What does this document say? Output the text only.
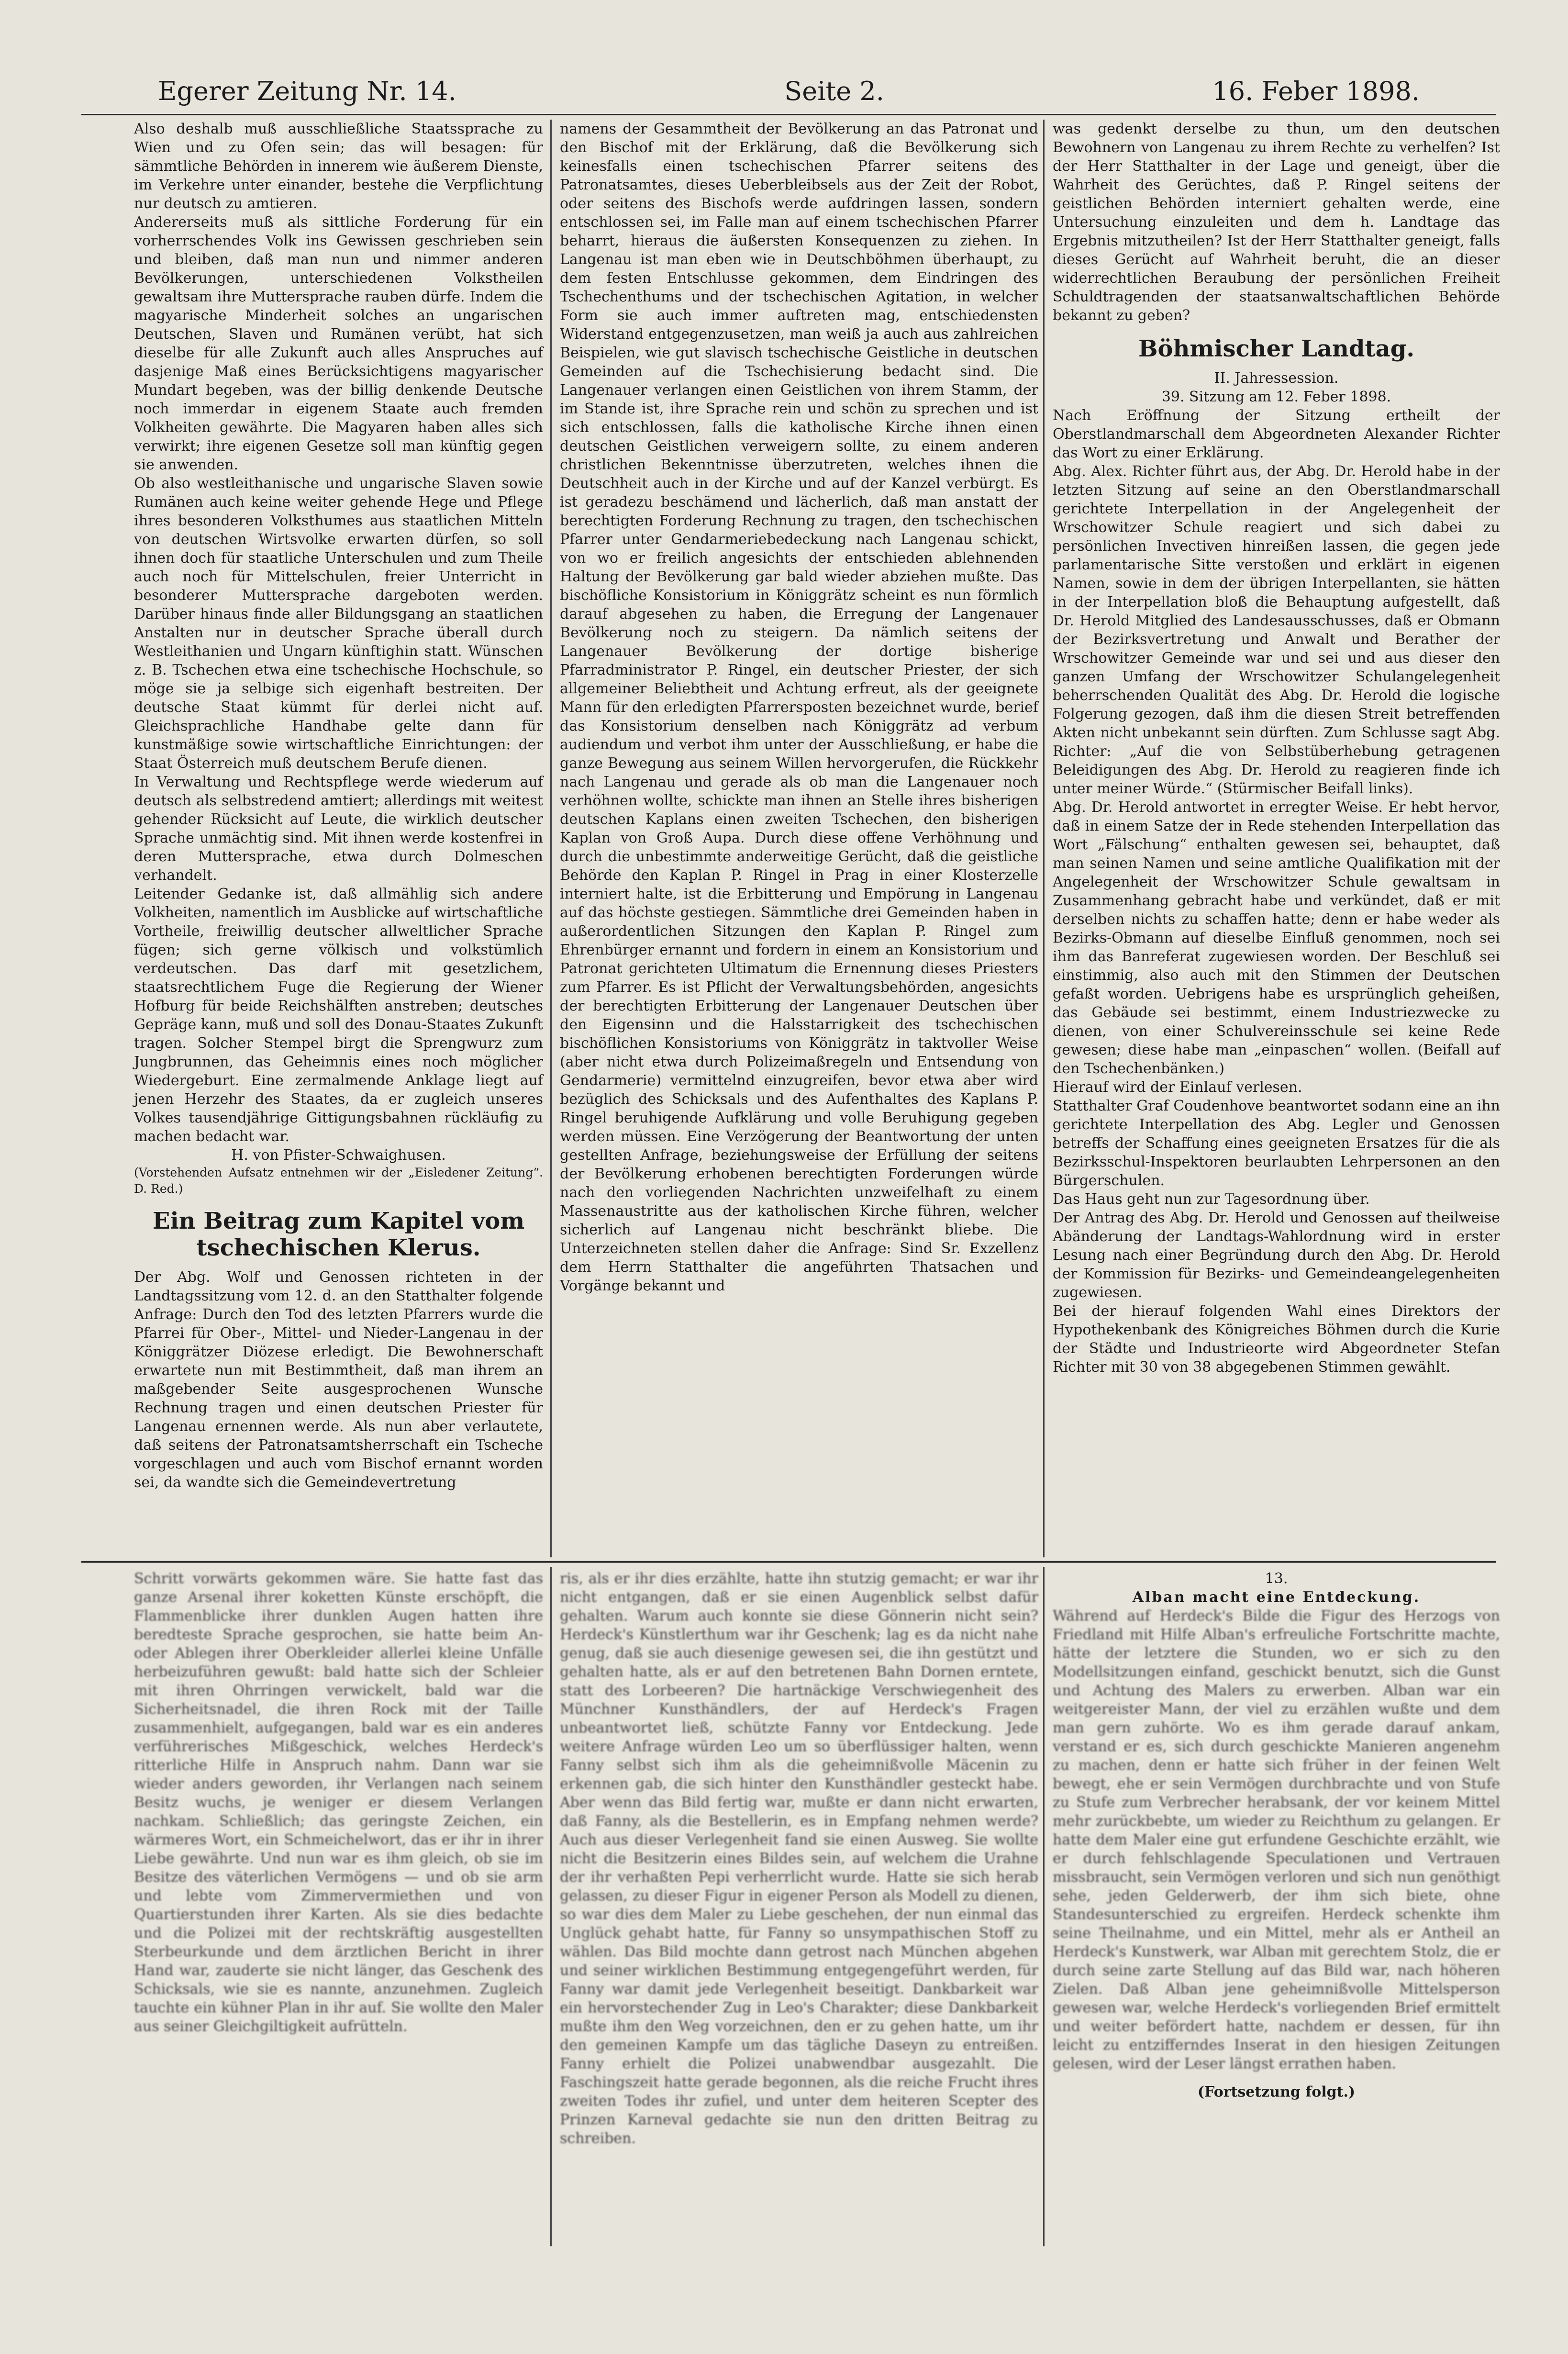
Egerer Zeitung Nr. 14.	Seite 2.	16. Feber 1898.

Also deshalb muß ausschließliche Staatssprache zu Wien und zu Ofen sein; das will besagen: für sämmtliche Behörden in innerem wie äußerem Dienste, im Verkehre unter einander, bestehe die Verpflichtung nur deutsch zu amtieren.

Andererseits muß als sittliche Forderung für ein vorherrschendes Volk ins Gewissen geschrieben sein und bleiben, daß man nun und nimmer anderen Bevölkerungen, unterschiedenen Volkstheilen gewaltsam ihre Muttersprache rauben dürfe. Indem die magyarische Minderheit solches an ungarischen Deutschen, Slaven und Rumänen verübt, hat sich dieselbe für alle Zukunft auch alles Anspruches auf dasjenige Maß eines Berücksichtigens magyarischer Mundart begeben, was der billig denkende Deutsche noch immerdar in eigenem Staate auch fremden Volkheiten gewährte. Die Magyaren haben alles sich verwirkt; ihre eigenen Gesetze soll man künftig gegen sie anwenden.

Ob also westleithanische und ungarische Slaven sowie Rumänen auch keine weiter gehende Hege und Pflege ihres besonderen Volksthumes aus staatlichen Mitteln von deutschen Wirtsvolke erwarten dürfen, so soll ihnen doch für staatliche Unterschulen und zum Theile auch noch für Mittelschulen, freier Unterricht in besonderer Muttersprache dargeboten werden. Darüber hinaus finde aller Bildungsgang an staatlichen Anstalten nur in deutscher Sprache überall durch Westleithanien und Ungarn künftighin statt. Wünschen z. B. Tschechen etwa eine tschechische Hochschule, so möge sie ja selbige sich eigenhaft bestreiten. Der deutsche Staat kümmt für derlei nicht auf. Gleichsprachliche Handhabe gelte dann für kunstmäßige sowie wirtschaftliche Einrichtungen: der Staat Österreich muß deutschem Berufe dienen.

In Verwaltung und Rechtspflege werde wiederum auf deutsch als selbstredend amtiert; allerdings mit weitest gehender Rücksicht auf Leute, die wirklich deutscher Sprache unmächtig sind. Mit ihnen werde kostenfrei in deren Muttersprache, etwa durch Dolmeschen verhandelt.

Leitender Gedanke ist, daß allmählig sich andere Volkheiten, namentlich im Ausblicke auf wirtschaftliche Vortheile, freiwillig deutscher allweltlicher Sprache fügen; sich gerne völkisch und volkstümlich verdeutschen. Das darf mit gesetzlichem, staatsrechtlichem Fuge die Regierung der Wiener Hofburg für beide Reichshälften anstreben; deutsches Gepräge kann, muß und soll des Donau-Staates Zukunft tragen. Solcher Stempel birgt die Sprengwurz zum Jungbrunnen, das Geheimnis eines noch möglicher Wiedergeburt. Eine zermalmende Anklage liegt auf jenen Herzehr des Staates, da er zugleich unseres Volkes tausendjährige Gittigungsbahnen rückläufig zu machen bedacht war.

H. von Pfister-Schwaighusen.

(Vorstehenden Aufsatz entnehmen wir der „Eisledener Zeitung“. D. Red.)

Ein Beitrag zum Kapitel vom tschechischen Klerus.

Der Abg. Wolf und Genossen richteten in der Landtagssitzung vom 12. d. an den Statthalter folgende Anfrage: Durch den Tod des letzten Pfarrers wurde die Pfarrei für Ober-, Mittel- und Nieder-Langenau in der Königgrätzer Diözese erledigt. Die Bewohnerschaft erwartete nun mit Bestimmtheit, daß man ihrem an maßgebender Seite ausgesprochenen Wunsche Rechnung tragen und einen deutschen Priester für Langenau ernennen werde. Als nun aber verlautete, daß seitens der Patronatsamtsherrschaft ein Tscheche vorgeschlagen und auch vom Bischof ernannt worden sei, da wandte sich die Gemeindevertretung

namens der Gesammtheit der Bevölkerung an das Patronat und den Bischof mit der Erklärung, daß die Bevölkerung sich keinesfalls einen tschechischen Pfarrer seitens des Patronatsamtes, dieses Ueberbleibsels aus der Zeit der Robot, oder seitens des Bischofs werde aufdringen lassen, sondern entschlossen sei, im Falle man auf einem tschechischen Pfarrer beharrt, hieraus die äußersten Konsequenzen zu ziehen. In Langenau ist man eben wie in Deutschböhmen überhaupt, zu dem festen Entschlusse gekommen, dem Eindringen des Tschechenthums und der tschechischen Agitation, in welcher Form sie auch immer auftreten mag, entschiedensten Widerstand entgegenzusetzen, man weiß ja auch aus zahlreichen Beispielen, wie gut slavisch tschechische Geistliche in deutschen Gemeinden auf die Tschechisierung bedacht sind. Die Langenauer verlangen einen Geistlichen von ihrem Stamm, der im Stande ist, ihre Sprache rein und schön zu sprechen und ist sich entschlossen, falls die katholische Kirche ihnen einen deutschen Geistlichen verweigern sollte, zu einem anderen christlichen Bekenntnisse überzutreten, welches ihnen die Deutschheit auch in der Kirche und auf der Kanzel verbürgt. Es ist geradezu beschämend und lächerlich, daß man anstatt der berechtigten Forderung Rechnung zu tragen, den tschechischen Pfarrer unter Gendarmeriebedeckung nach Langenau schickt, von wo er freilich angesichts der entschieden ablehnenden Haltung der Bevölkerung gar bald wieder abziehen mußte. Das bischöfliche Konsistorium in Königgrätz scheint es nun förmlich darauf abgesehen zu haben, die Erregung der Langenauer Bevölkerung noch zu steigern. Da nämlich seitens der Langenauer Bevölkerung der dortige bisherige Pfarradministrator P. Ringel, ein deutscher Priester, der sich allgemeiner Beliebtheit und Achtung erfreut, als der geeignete Mann für den erledigten Pfarrersposten bezeichnet wurde, berief das Konsistorium denselben nach Königgrätz ad verbum audiendum und verbot ihm unter der Ausschließung, er habe die ganze Bewegung aus seinem Willen hervorgerufen, die Rückkehr nach Langenau und gerade als ob man die Langenauer noch verhöhnen wollte, schickte man ihnen an Stelle ihres bisherigen deutschen Kaplans einen zweiten Tschechen, den bisherigen Kaplan von Groß Aupa. Durch diese offene Verhöhnung und durch die unbestimmte anderweitige Gerücht, daß die geistliche Behörde den Kaplan P. Ringel in Prag in einer Klosterzelle interniert halte, ist die Erbitterung und Empörung in Langenau auf das höchste gestiegen. Sämmtliche drei Gemeinden haben in außerordentlichen Sitzungen den Kaplan P. Ringel zum Ehrenbürger ernannt und fordern in einem an Konsistorium und Patronat gerichteten Ultimatum die Ernennung dieses Priesters zum Pfarrer. Es ist Pflicht der Verwaltungsbehörden, angesichts der berechtigten Erbitterung der Langenauer Deutschen über den Eigensinn und die Halsstarrigkeit des tschechischen bischöflichen Konsistoriums von Königgrätz in taktvoller Weise (aber nicht etwa durch Polizeimaßregeln und Entsendung von Gendarmerie) vermittelnd einzugreifen, bevor etwa aber wird bezüglich des Schicksals und des Aufenthaltes des Kaplans P. Ringel beruhigende Aufklärung und volle Beruhigung gegeben werden müssen. Eine Verzögerung der Beantwortung der unten gestellten Anfrage, beziehungsweise der Erfüllung der seitens der Bevölkerung erhobenen berechtigten Forderungen würde nach den vorliegenden Nachrichten unzweifelhaft zu einem Massenaustritte aus der katholischen Kirche führen, welcher sicherlich auf Langenau nicht beschränkt bliebe. Die Unterzeichneten stellen daher die Anfrage: Sind Sr. Exzellenz dem Herrn Statthalter die angeführten Thatsachen und Vorgänge bekannt und

was gedenkt derselbe zu thun, um den deutschen Bewohnern von Langenau zu ihrem Rechte zu verhelfen? Ist der Herr Statthalter in der Lage und geneigt, über die Wahrheit des Gerüchtes, daß P. Ringel seitens der geistlichen Behörden interniert gehalten werde, eine Untersuchung einzuleiten und dem h. Landtage das Ergebnis mitzutheilen? Ist der Herr Statthalter geneigt, falls dieses Gerücht auf Wahrheit beruht, die an dieser widerrechtlichen Beraubung der persönlichen Freiheit Schuldtragenden der staatsanwaltschaftlichen Behörde bekannt zu geben?

Böhmischer Landtag.

II. Jahressession.

39. Sitzung am 12. Feber 1898.

Nach Eröffnung der Sitzung ertheilt der Oberstlandmarschall dem Abgeordneten Alexander Richter das Wort zu einer Erklärung.

Abg. Alex. Richter führt aus, der Abg. Dr. Herold habe in der letzten Sitzung auf seine an den Oberstlandmarschall gerichtete Interpellation in der Angelegenheit der Wrschowitzer Schule reagiert und sich dabei zu persönlichen Invectiven hinreißen lassen, die gegen jede parlamentarische Sitte verstoßen und erklärt in eigenen Namen, sowie in dem der übrigen Interpellanten, sie hätten in der Interpellation bloß die Behauptung aufgestellt, daß Dr. Herold Mitglied des Landesausschusses, daß er Obmann der Bezirksvertretung und Anwalt und Berather der Wrschowitzer Gemeinde war und sei und aus dieser den ganzen Umfang der Wrschowitzer Schulangelegenheit beherrschenden Qualität des Abg. Dr. Herold die logische Folgerung gezogen, daß ihm die diesen Streit betreffenden Akten nicht unbekannt sein dürften. Zum Schlusse sagt Abg. Richter: „Auf die von Selbstüberhebung getragenen Beleidigungen des Abg. Dr. Herold zu reagieren finde ich unter meiner Würde.“ (Stürmischer Beifall links).

Abg. Dr. Herold antwortet in erregter Weise. Er hebt hervor, daß in einem Satze der in Rede stehenden Interpellation das Wort „Fälschung“ enthalten gewesen sei, behauptet, daß man seinen Namen und seine amtliche Qualifikation mit der Angelegenheit der Wrschowitzer Schule gewaltsam in Zusammenhang gebracht habe und verkündet, daß er mit derselben nichts zu schaffen hatte; denn er habe weder als Bezirks-Obmann auf dieselbe Einfluß genommen, noch sei ihm das Banreferat zugewiesen worden. Der Beschluß sei einstimmig, also auch mit den Stimmen der Deutschen gefaßt worden. Uebrigens habe es ursprünglich geheißen, das Gebäude sei bestimmt, einem Industriezwecke zu dienen, von einer Schulvereinsschule sei keine Rede gewesen; diese habe man „einpaschen“ wollen. (Beifall auf den Tschechenbänken.)

Hierauf wird der Einlauf verlesen.

Statthalter Graf Coudenhove beantwortet sodann eine an ihn gerichtete Interpellation des Abg. Legler und Genossen betreffs der Schaffung eines geeigneten Ersatzes für die als Bezirksschul-Inspektoren beurlaubten Lehrpersonen an den Bürgerschulen.

Das Haus geht nun zur Tagesordnung über.

Der Antrag des Abg. Dr. Herold und Genossen auf theilweise Abänderung der Landtags-Wahlordnung wird in erster Lesung nach einer Begründung durch den Abg. Dr. Herold der Kommission für Bezirks- und Gemeindeangelegenheiten zugewiesen.

Bei der hierauf folgenden Wahl eines Direktors der Hypothekenbank des Königreiches Böhmen durch die Kurie der Städte und Industrieorte wird Abgeordneter Stefan Richter mit 30 von 38 abgegebenen Stimmen gewählt.

Schritt vorwärts gekommen wäre. Sie hatte fast das ganze Arsenal ihrer koketten Künste erschöpft, die Flammenblicke ihrer dunklen Augen hatten ihre beredteste Sprache gesprochen, sie hatte beim An- oder Ablegen ihrer Oberkleider allerlei kleine Unfälle herbeizuführen gewußt: bald hatte sich der Schleier mit ihren Ohrringen verwickelt, bald war die Sicherheitsnadel, die ihren Rock mit der Taille zusammenhielt, aufgegangen, bald war es ein anderes verführerisches Mißgeschick, welches Herdeck's ritterliche Hilfe in Anspruch nahm. Dann war sie wieder anders geworden, ihr Verlangen nach seinem Besitz wuchs, je weniger er diesem Verlangen nachkam. Schließlich; das geringste Zeichen, ein wärmeres Wort, ein Schmeichelwort, das er ihr in ihrer Liebe gewährte. Und nun war es ihm gleich, ob sie im Besitze des väterlichen Vermögens — und ob sie arm und lebte vom Zimmervermiethen und von Quartierstunden ihrer Karten. Als sie dies bedachte und die Polizei mit der rechtskräftig ausgestellten Sterbeurkunde und dem ärztlichen Bericht in ihrer Hand war, zauderte sie nicht länger, das Geschenk des Schicksals, wie sie es nannte, anzunehmen. Zugleich tauchte ein kühner Plan in ihr auf. Sie wollte den Maler aus seiner Gleichgiltigkeit aufrütteln.

ris, als er ihr dies erzählte, hatte ihn stutzig gemacht; er war ihr nicht entgangen, daß er sie einen Augenblick selbst dafür gehalten. Warum auch konnte sie diese Gönnerin nicht sein? Herdeck's Künstlerthum war ihr Geschenk; lag es da nicht nahe genug, daß sie auch diesenige gewesen sei, die ihn gestützt und gehalten hatte, als er auf den betretenen Bahn Dornen erntete, statt des Lorbeeren? Die hartnäckige Verschwiegenheit des Münchner Kunsthändlers, der auf Herdeck's Fragen unbeantwortet ließ, schützte Fanny vor Entdeckung. Jede weitere Anfrage würden Leo um so überflüssiger halten, wenn Fanny selbst sich ihm als die geheimnißvolle Mäcenin zu erkennen gab, die sich hinter den Kunsthändler gesteckt habe. Aber wenn das Bild fertig war, mußte er dann nicht erwarten, daß Fanny, als die Bestellerin, es in Empfang nehmen werde? Auch aus dieser Verlegenheit fand sie einen Ausweg. Sie wollte nicht die Besitzerin eines Bildes sein, auf welchem die Urahne der ihr verhaßten Pepi verherrlicht wurde. Hatte sie sich herab gelassen, zu dieser Figur in eigener Person als Modell zu dienen, so war dies dem Maler zu Liebe geschehen, der nun einmal das Unglück gehabt hatte, für Fanny so unsympathischen Stoff zu wählen. Das Bild mochte dann getrost nach München abgehen und seiner wirklichen Bestimmung entgegengeführt werden, für Fanny war damit jede Verlegenheit beseitigt. Dankbarkeit war ein hervorstechender Zug in Leo's Charakter; diese Dankbarkeit mußte ihm den Weg vorzeichnen, den er zu gehen hatte, um ihr den gemeinen Kampfe um das tägliche Daseyn zu entreißen. Fanny erhielt die Polizei unabwendbar ausgezahlt. Die Faschingszeit hatte gerade begonnen, als die reiche Frucht ihres zweiten Todes ihr zufiel, und unter dem heiteren Scepter des Prinzen Karneval gedachte sie nun den dritten Beitrag zu schreiben.

13.

Alban macht eine Entdeckung.

Während auf Herdeck's Bilde die Figur des Herzogs von Friedland mit Hilfe Alban's erfreuliche Fortschritte machte, hätte der letztere die Stunden, wo er sich zu den Modellsitzungen einfand, geschickt benutzt, sich die Gunst und Achtung des Malers zu erwerben. Alban war ein weitgereister Mann, der viel zu erzählen wußte und dem man gern zuhörte. Wo es ihm gerade darauf ankam, verstand er es, sich durch geschickte Manieren angenehm zu machen, denn er hatte sich früher in der feinen Welt bewegt, ehe er sein Vermögen durchbrachte und von Stufe zu Stufe zum Verbrecher herabsank, der vor keinem Mittel mehr zurückbebte, um wieder zu Reichthum zu gelangen. Er hatte dem Maler eine gut erfundene Geschichte erzählt, wie er durch fehlschlagende Speculationen und Vertrauen missbraucht, sein Vermögen verloren und sich nun genöthigt sehe, jeden Gelderwerb, der ihm sich biete, ohne Standesunterschied zu ergreifen. Herdeck schenkte ihm seine Theilnahme, und ein Mittel, mehr als er Antheil an Herdeck's Kunstwerk, war Alban mit gerechtem Stolz, die er durch seine zarte Stellung auf das Bild war, nach höheren Zielen. Daß Alban jene geheimnißvolle Mittelsperson gewesen war, welche Herdeck's vorliegenden Brief ermittelt und weiter befördert hatte, nachdem er dessen, für ihn leicht zu entzifferndes Inserat in den hiesigen Zeitungen gelesen, wird der Leser längst errathen haben.

(Fortsetzung folgt.)
